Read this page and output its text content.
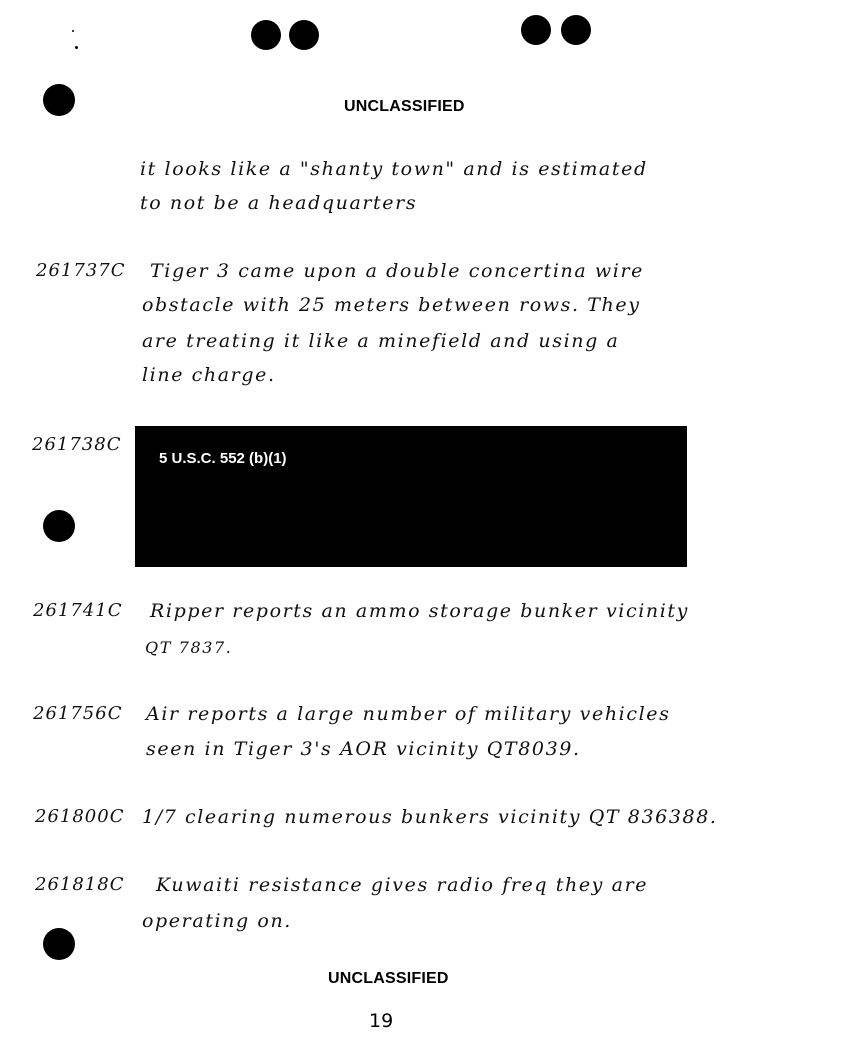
UNCLASSIFIED
it looks like a "shanty town" and is estimated
to not be a headquarters
261737C Tiger 3 came upon a double concertina wire
obstacle with 25 meters between rows. They
are treating it like a minefield and using a
line charge.
261738C
5 U.S.C. 552 (b)(1)
261741C Ripper reports an ammo storage bunker vicinity
QT 7837.
261756C Air reports a large number of military vehicles
seen in Tiger 3's AOR vicinity QT8039.
261800C 1/7 clearing numerous bunkers vicinity QT 836388.
261818C Kuwaiti resistance gives radio freq they are
operating on.
UNCLASSIFIED
19
